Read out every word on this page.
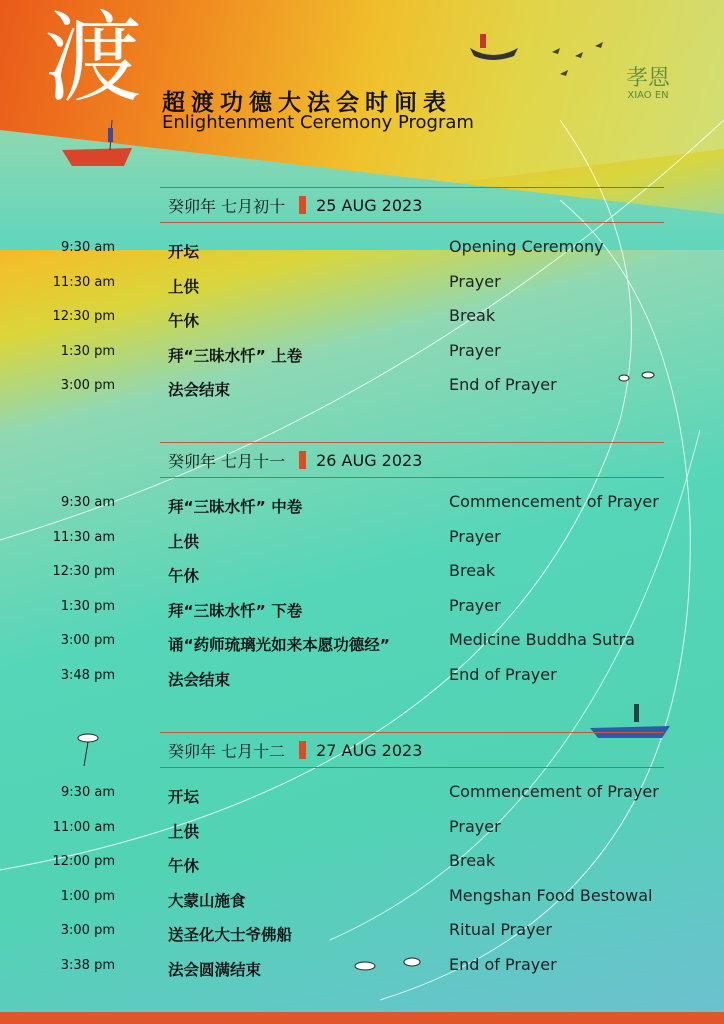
渡 超渡功德大法会时间表
Enlightenment Ceremony Program
孝恩
XIAO EN
癸卯年 七月初十 25 AUG 2023
9:30 am	开坛	Opening Ceremony
11:30 am	上供	Prayer
12:30 pm	午休	Break
1:30 pm	拜“三昧水忏” 上卷	Prayer
3:00 pm	法会结束	End of Prayer
癸卯年 七月十一 26 AUG 2023
9:30 am	拜“三昧水忏” 中卷	Commencement of Prayer
11:30 am	上供	Prayer
12:30 pm	午休	Break
1:30 pm	拜“三昧水忏” 下卷	Prayer
3:00 pm	诵“药师琉璃光如来本愿功德经”	Medicine Buddha Sutra
3:48 pm	法会结束	End of Prayer
癸卯年 七月十二 27 AUG 2023
9:30 am	开坛	Commencement of Prayer
11:00 am	上供	Prayer
12:00 pm	午休	Break
1:00 pm	大蒙山施食	Mengshan Food Bestowal
3:00 pm	送圣化大士爷佛船	Ritual Prayer
3:38 pm	法会圆满结束	End of Prayer
